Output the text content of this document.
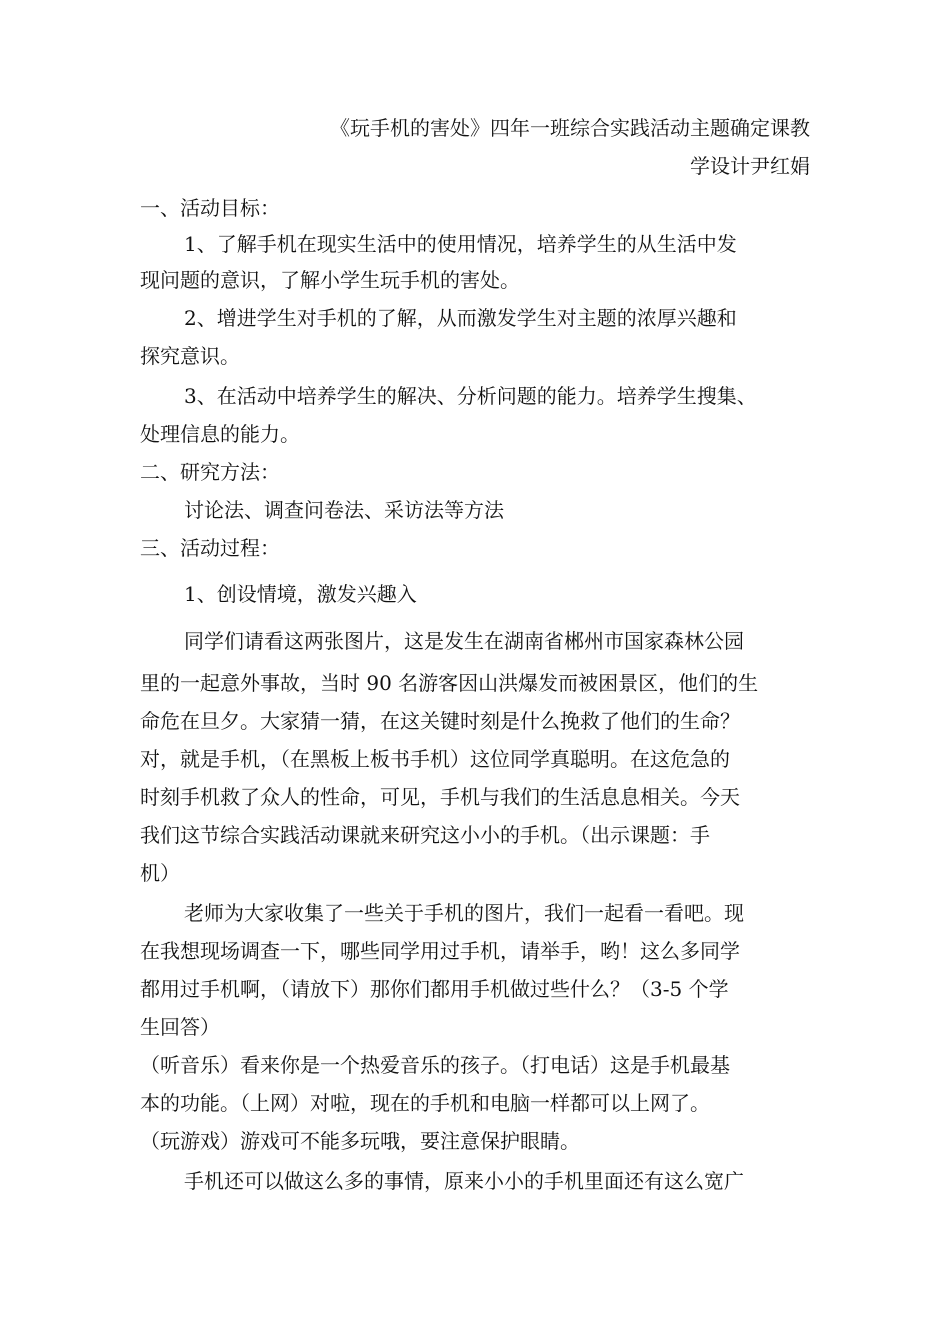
《玩手机的害处》四年一班综合实践活动主题确定课教
学设计尹红娟
一、活动目标：
1、了解手机在现实生活中的使用情况，培养学生的从生活中发
现问题的意识，了解小学生玩手机的害处。
2、增进学生对手机的了解，从而激发学生对主题的浓厚兴趣和
探究意识。
3、在活动中培养学生的解决、分析问题的能力。培养学生搜集、
处理信息的能力。
二、研究方法：
讨论法、调查问卷法、采访法等方法
三、活动过程：
1、创设情境，激发兴趣入
同学们请看这两张图片，这是发生在湖南省郴州市国家森林公园
里的一起意外事故，当时 90 名游客因山洪爆发而被困景区，他们的生
命危在旦夕。大家猜一猜，在这关键时刻是什么挽救了他们的生命？
对，就是手机，（在黑板上板书手机）这位同学真聪明。在这危急的
时刻手机救了众人的性命，可见，手机与我们的生活息息相关。今天
我们这节综合实践活动课就来研究这小小的手机。（出示课题：手
机）
老师为大家收集了一些关于手机的图片，我们一起看一看吧。现
在我想现场调查一下，哪些同学用过手机，请举手，哟！这么多同学
都用过手机啊，（请放下）那你们都用手机做过些什么？（3-5 个学
生回答）
（听音乐）看来你是一个热爱音乐的孩子。（打电话）这是手机最基
本的功能。（上网）对啦，现在的手机和电脑一样都可以上网了。
（玩游戏）游戏可不能多玩哦，要注意保护眼睛。
手机还可以做这么多的事情，原来小小的手机里面还有这么宽广
